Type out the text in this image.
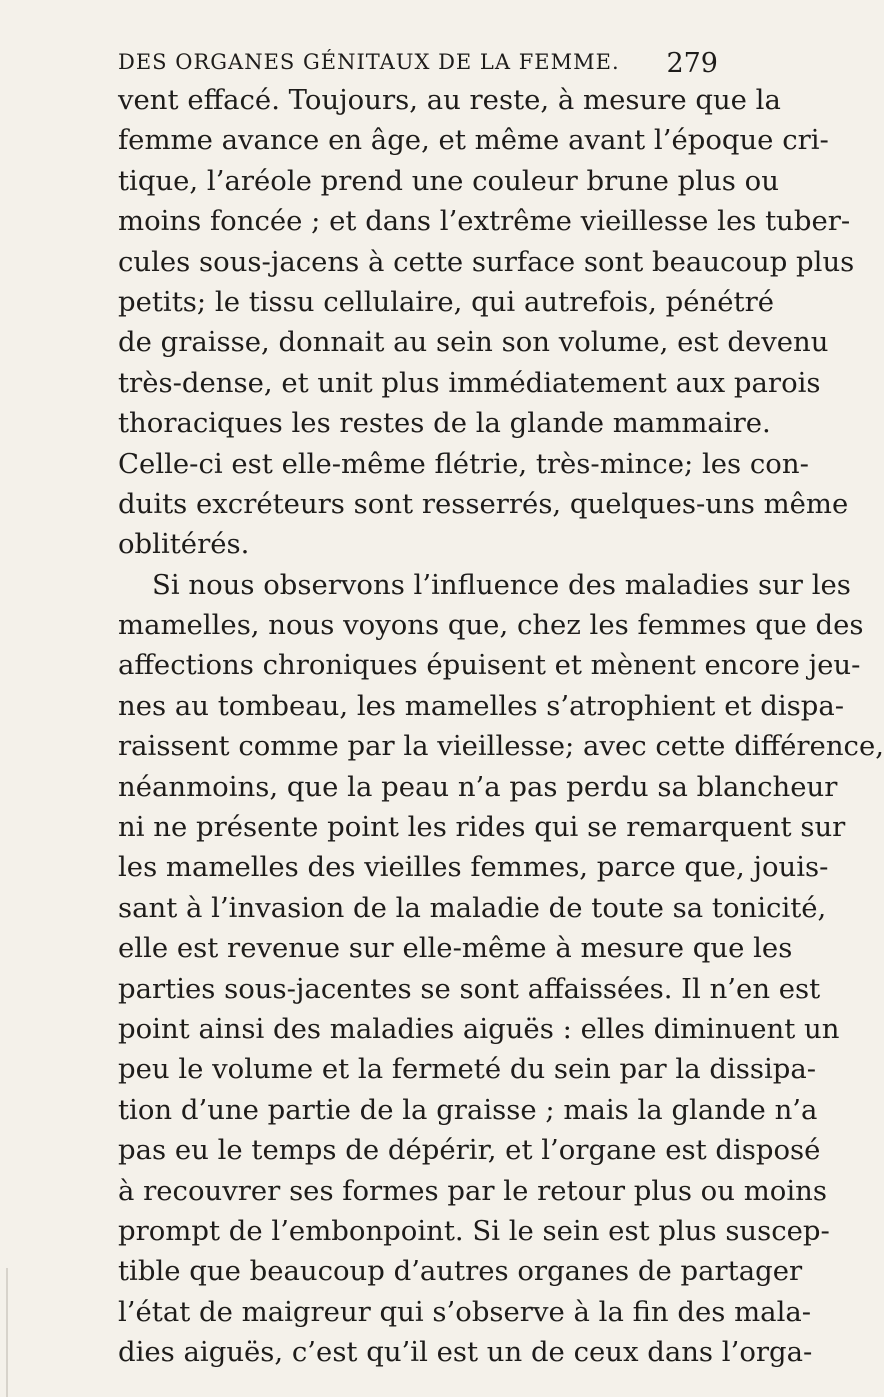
DES ORGANES GÉNITAUX DE LA FEMME. 279
vent effacé. Toujours, au reste, à mesure que la
femme avance en âge, et même avant l’époque cri-
tique, l’aréole prend une couleur brune plus ou
moins foncée ; et dans l’extrême vieillesse les tuber-
cules sous-jacens à cette surface sont beaucoup plus
petits; le tissu cellulaire, qui autrefois, pénétré
de graisse, donnait au sein son volume, est devenu
très-dense, et unit plus immédiatement aux parois
thoraciques les restes de la glande mammaire.
Celle-ci est elle-même flétrie, très-mince; les con-
duits excréteurs sont resserrés, quelques-uns même
oblitérés.
Si nous observons l’influence des maladies sur les
mamelles, nous voyons que, chez les femmes que des
affections chroniques épuisent et mènent encore jeu-
nes au tombeau, les mamelles s’atrophient et dispa-
raissent comme par la vieillesse; avec cette différence,
néanmoins, que la peau n’a pas perdu sa blancheur
ni ne présente point les rides qui se remarquent sur
les mamelles des vieilles femmes, parce que, jouis-
sant à l’invasion de la maladie de toute sa tonicité,
elle est revenue sur elle-même à mesure que les
parties sous-jacentes se sont affaissées. Il n’en est
point ainsi des maladies aiguës : elles diminuent un
peu le volume et la fermeté du sein par la dissipa-
tion d’une partie de la graisse ; mais la glande n’a
pas eu le temps de dépérir, et l’organe est disposé
à recouvrer ses formes par le retour plus ou moins
prompt de l’embonpoint. Si le sein est plus suscep-
tible que beaucoup d’autres organes de partager
l’état de maigreur qui s’observe à la fin des mala-
dies aiguës, c’est qu’il est un de ceux dans l’orga-
